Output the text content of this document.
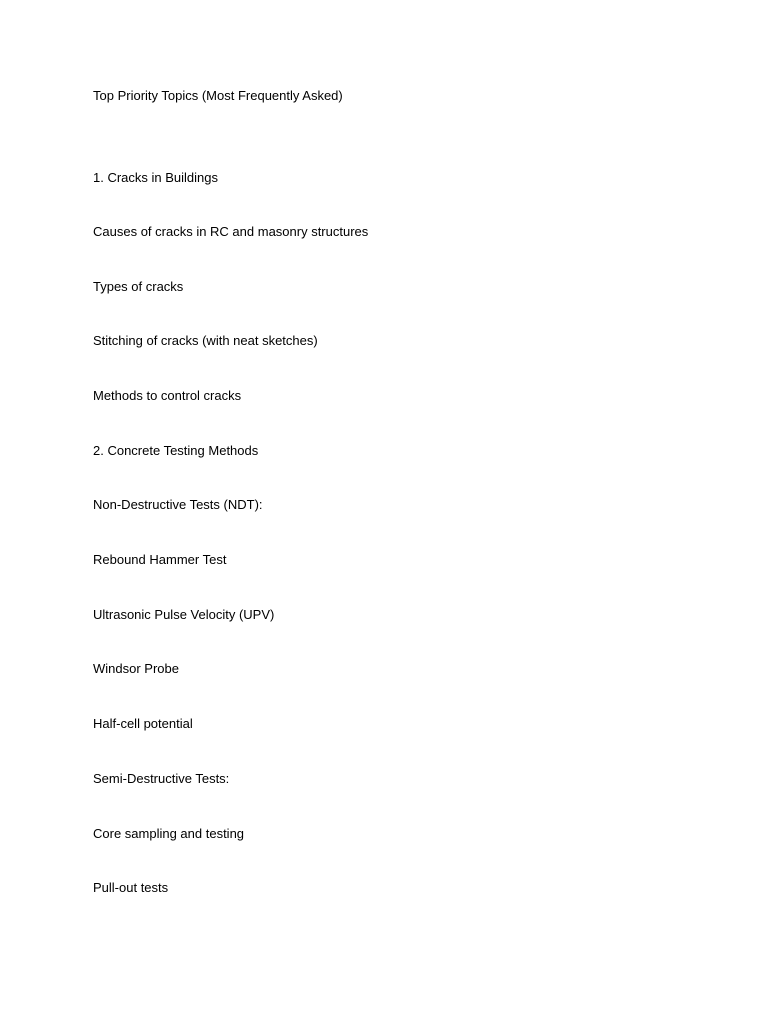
Top Priority Topics (Most Frequently Asked)
1. Cracks in Buildings
Causes of cracks in RC and masonry structures
Types of cracks
Stitching of cracks (with neat sketches)
Methods to control cracks
2. Concrete Testing Methods
Non-Destructive Tests (NDT):
Rebound Hammer Test
Ultrasonic Pulse Velocity (UPV)
Windsor Probe
Half-cell potential
Semi-Destructive Tests:
Core sampling and testing
Pull-out tests
